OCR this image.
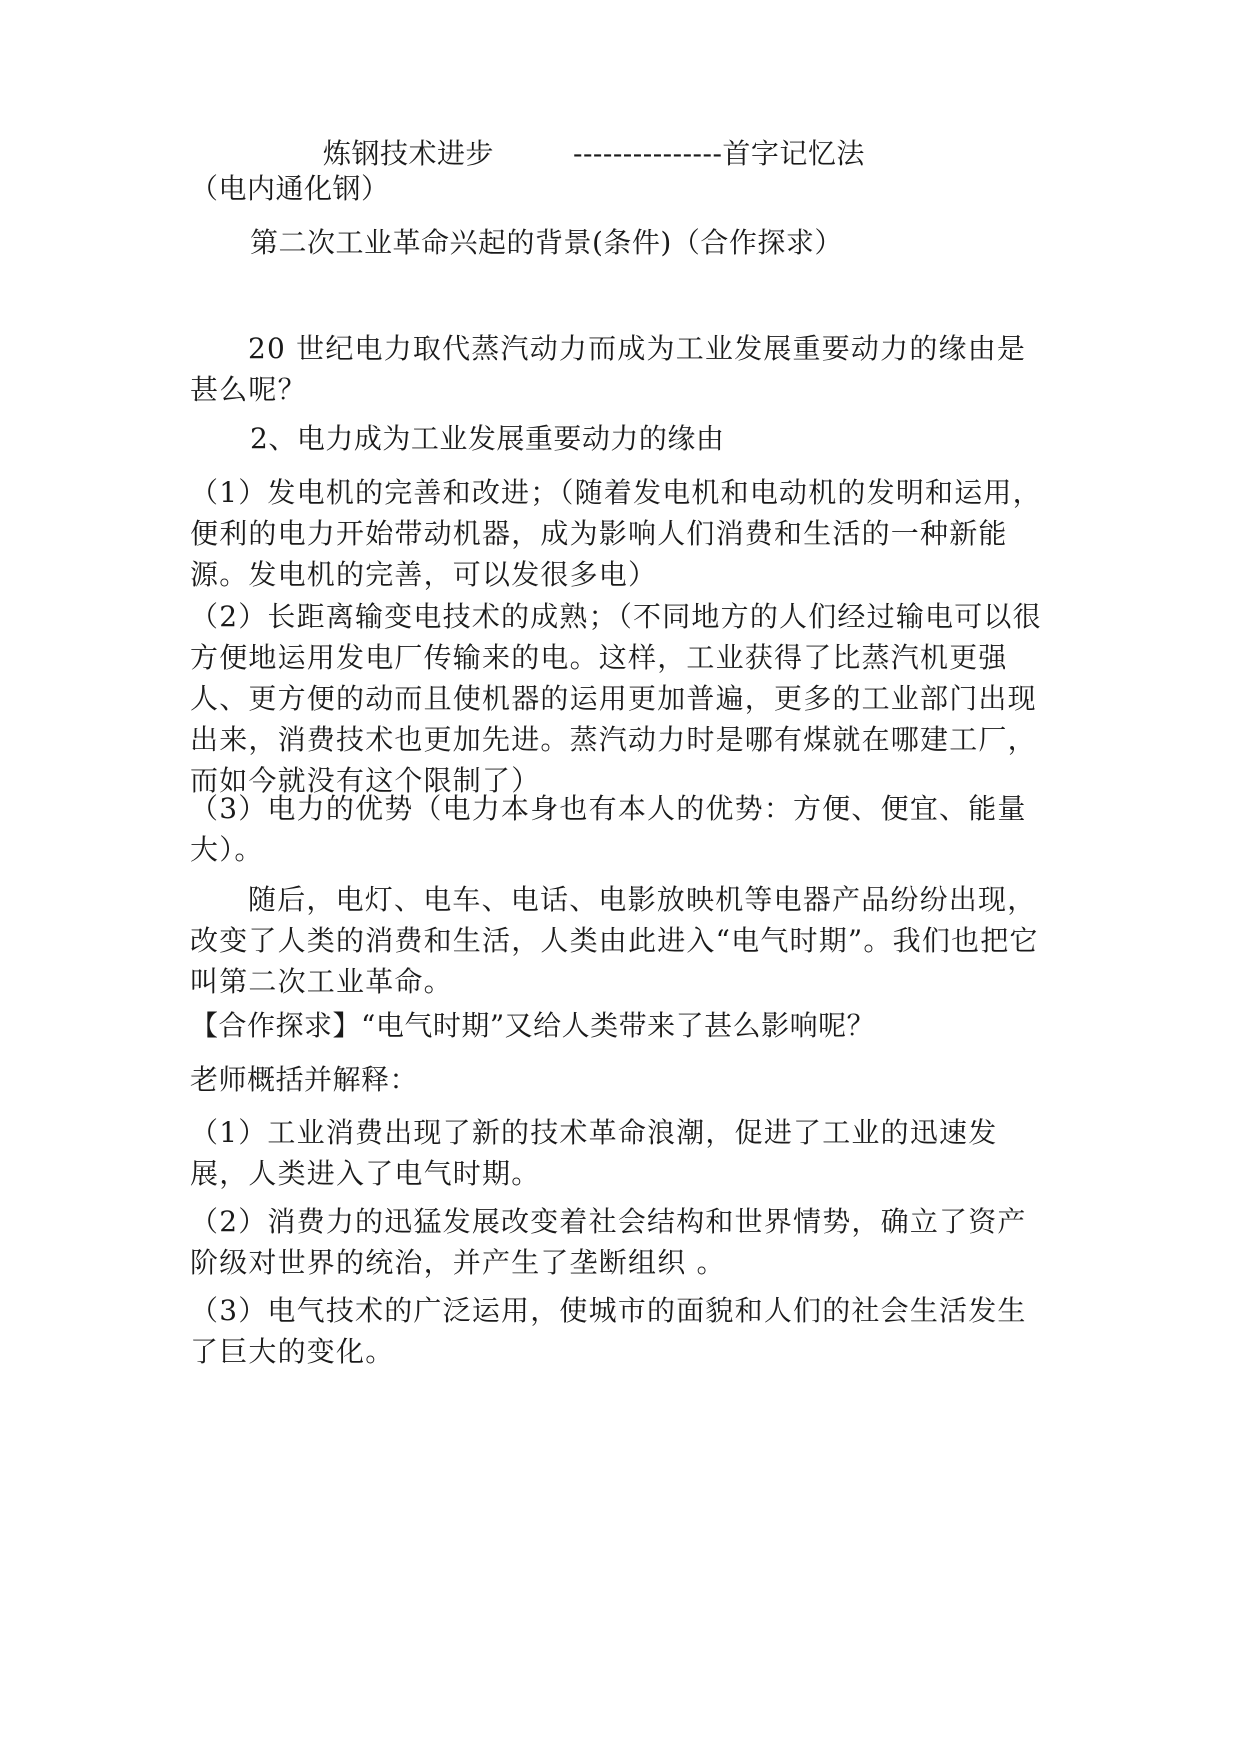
炼钢技术进步	---------------首字记忆法
（电内通化钢）
第二次工业革命兴起的背景(条件)（合作探求）

20 世纪电力取代蒸汽动力而成为工业发展重要动力的缘由是甚么呢？

2、电力成为工业发展重要动力的缘由

（1）发电机的完善和改进；（随着发电机和电动机的发明和运用，便利的电力开始带动机器，成为影响人们消费和生活的一种新能源。发电机的完善，可以发很多电）

（2）长距离输变电技术的成熟；（不同地方的人们经过输电可以很方便地运用发电厂传输来的电。这样，工业获得了比蒸汽机更强人、更方便的动而且使机器的运用更加普遍，更多的工业部门出现出来，消费技术也更加先进。蒸汽动力时是哪有煤就在哪建工厂，而如今就没有这个限制了）

（3）电力的优势（电力本身也有本人的优势：方便、便宜、能量大）。

随后，电灯、电车、电话、电影放映机等电器产品纷纷出现，改变了人类的消费和生活，人类由此进入“电气时期”。我们也把它叫第二次工业革命。

【合作探求】“电气时期”又给人类带来了甚么影响呢？
老师概括并解释：

（1）工业消费出现了新的技术革命浪潮，促进了工业的迅速发展，人类进入了电气时期。

（2）消费力的迅猛发展改变着社会结构和世界情势，确立了资产阶级对世界的统治，并产生了垄断组织 。

（3）电气技术的广泛运用，使城市的面貌和人们的社会生活发生了巨大的变化。
